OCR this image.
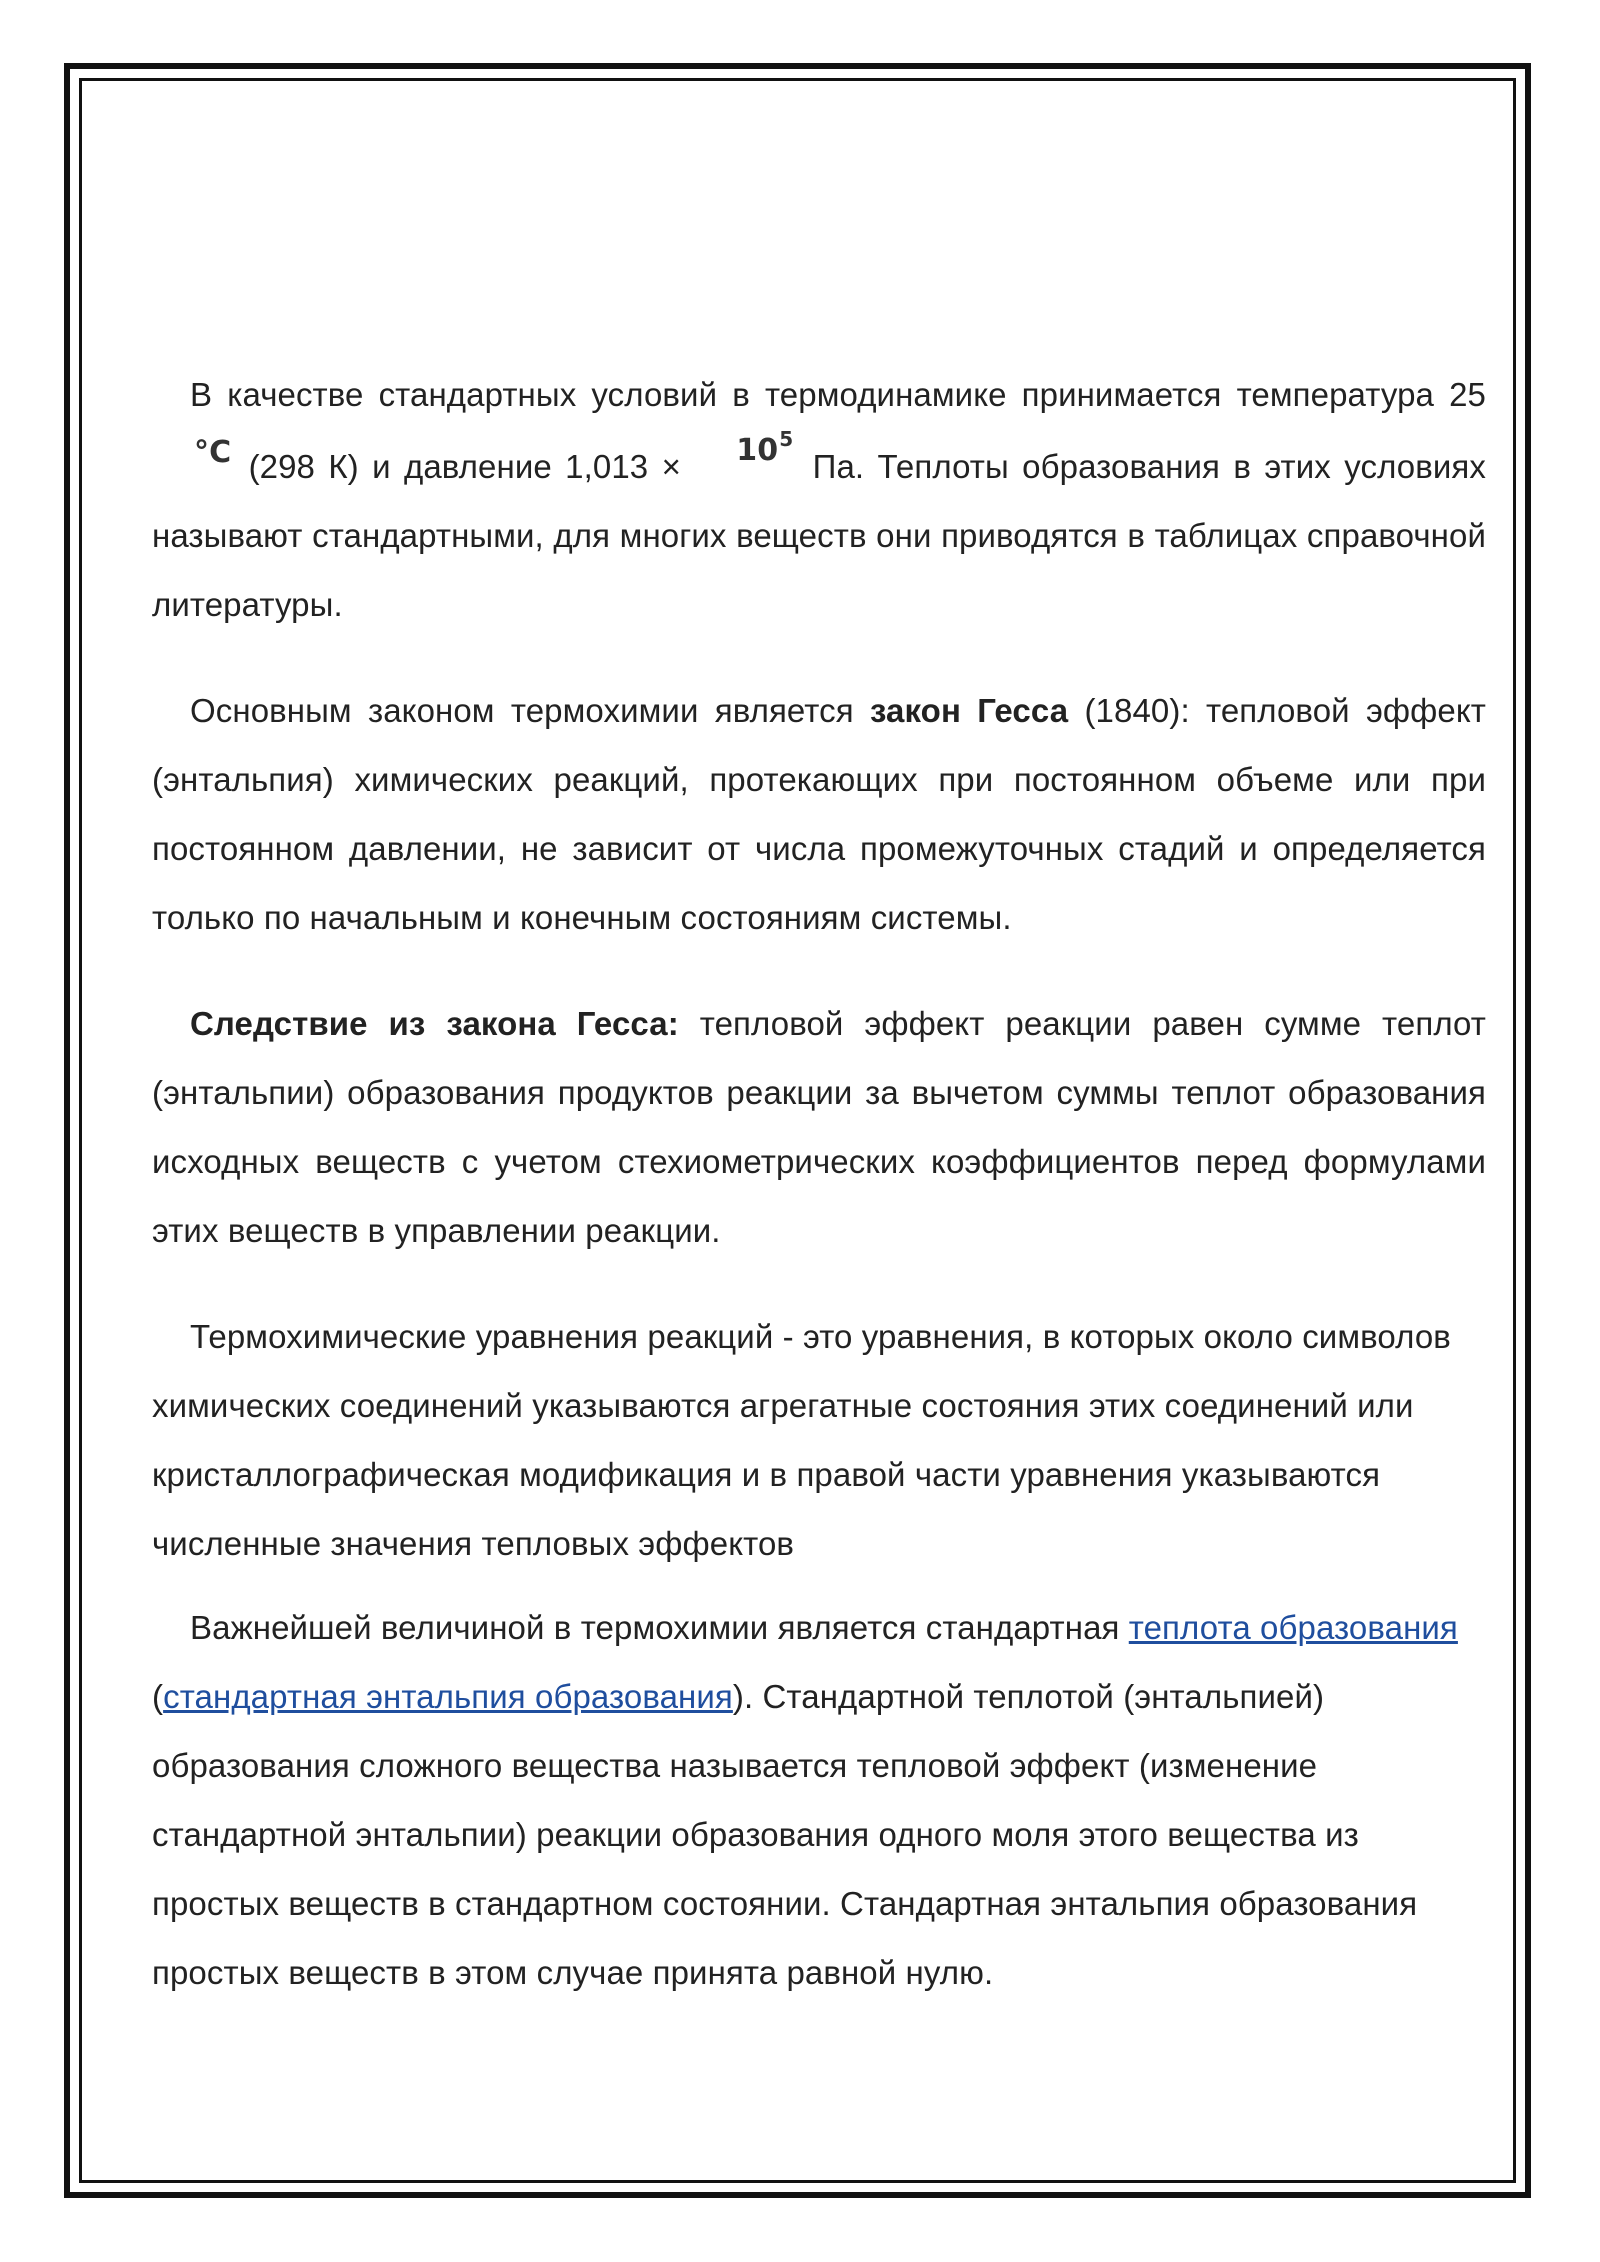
В качестве стандартных условий в термодинамике принимается температура 25 °C (298 К) и давление $1,013 \times 10^5$ Па. Теплоты образования в этих условиях называют стандартными, для многих веществ они приводятся в таблицах справочной литературы.

Основным законом термохимии является закон Гесса (1840): тепловой эффект (энтальпия) химических реакций, протекающих при постоянном объеме или при постоянном давлении, не зависит от числа промежуточных стадий и определяется только по начальным и конечным состояниям системы.

Следствие из закона Гесса: тепловой эффект реакции равен сумме теплот (энтальпии) образования продуктов реакции за вычетом суммы теплот образования исходных веществ с учетом стехиометрических коэффициентов перед формулами этих веществ в управлении реакции.

Термохимические уравнения реакций - это уравнения, в которых около символов химических соединений указываются агрегатные состояния этих соединений или кристаллографическая модификация и в правой части уравнения указываются численные значения тепловых эффектов

Важнейшей величиной в термохимии является стандартная теплота образования (стандартная энтальпия образования). Стандартной теплотой (энтальпией) образования сложного вещества называется тепловой эффект (изменение стандартной энтальпии) реакции образования одного моля этого вещества из простых веществ в стандартном состоянии. Стандартная энтальпия образования простых веществ в этом случае принята равной нулю.
